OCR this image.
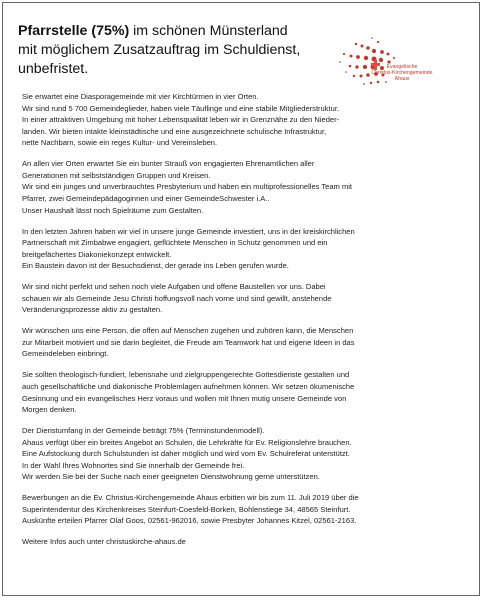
Pfarrstelle (75%) im schönen Münsterland
mit möglichem Zusatzauftrag im Schuldienst,
unbefristet.	Evangelische
Christus-Kirchengemeinde
Ahaus

Sie erwartet eine Diasporagemeinde mit vier Kirchtürmen in vier Orten.
Wir sind rund 5 700 Gemeindeglieder, haben viele Täuflinge und eine stabile Mitgliederstruktur.
In einer attraktiven Umgebung mit hoher Lebensqualität leben wir in Grenznähe zu den Nieder-
landen. Wir bieten intakte kleinstädtische und eine ausgezeichnete schulische Infrastruktur,
nette Nachbarn, sowie ein reges Kultur- und Vereinsleben.

An allen vier Orten erwartet Sie ein bunter Strauß von engagierten Ehrenamtlichen aller
Generationen mit selbstständigen Gruppen und Kreisen.
Wir sind ein junges und unverbrauchtes Presbyterium und haben ein multiprofessionelles Team mit
Pfarrer, zwei Gemeindepädagoginnen und einer GemeindeSchwester i.A..
Unser Haushalt lässt noch Spielräume zum Gestalten.

In den letzten Jahren haben wir viel in unsere junge Gemeinde investiert, uns in der kreiskirchlichen
Partnerschaft mit Zimbabwe engagiert, geflüchtete Menschen in Schutz genommen und ein
breitgefächertes Diakoniekonzept entwickelt.
Ein Baustein davon ist der Besuchsdienst, der gerade ins Leben gerufen wurde.

Wir sind nicht perfekt und sehen noch viele Aufgaben und offene Baustellen vor uns. Dabei
schauen wir als Gemeinde Jesu Christi hoffungsvoll nach vorne und sind gewillt, anstehende
Veränderungsprozesse aktiv zu gestalten.

Wir wünschen uns eine Person, die offen auf Menschen zugehen und zuhören kann, die Menschen
zur Mitarbeit motiviert und sie darin begleitet, die Freude am Teamwork hat und eigene Ideen in das
Gemeindeleben einbringt.

Sie sollten theologisch-fundiert, lebensnahe und zielgruppengerechte Gottesdienste gestalten und
auch gesellschaftliche und diakonische Problemlagen aufnehmen können. Wir setzen ökumenische
Gesinnung und ein evangelisches Herz voraus und wollen mit Ihnen mutig unsere Gemeinde von
Morgen denken.

Der Dienstumfang in der Gemeinde beträgt 75% (Terminstundenmodell).
Ahaus verfügt über ein breites Angebot an Schulen, die Lehrkräfte für Ev. Religionslehre brauchen.
Eine Aufstockung durch Schulstunden ist daher möglich und wird vom Ev. Schulreferat unterstützt.
In der Wahl Ihres Wohnortes sind Sie innerhalb der Gemeinde frei.
Wir werden Sie bei der Suche nach einer geeigneten Dienstwohnung gerne unterstützen.

Bewerbungen an die Ev. Christus-Kirchengemeinde Ahaus erbitten wir bis zum 11. Juli 2019 über die
Superintendentur des Kirchenkreises Steinfurt-Coesfeld-Borken, Bohlenstiege 34, 48565 Steinfurt.
Auskünfte erteilen Pfarrer Olaf Goos, 02561-962016, sowie Presbyter Johannes Kitzel, 02561-2163.

Weitere Infos auch unter christuskirche-ahaus.de
